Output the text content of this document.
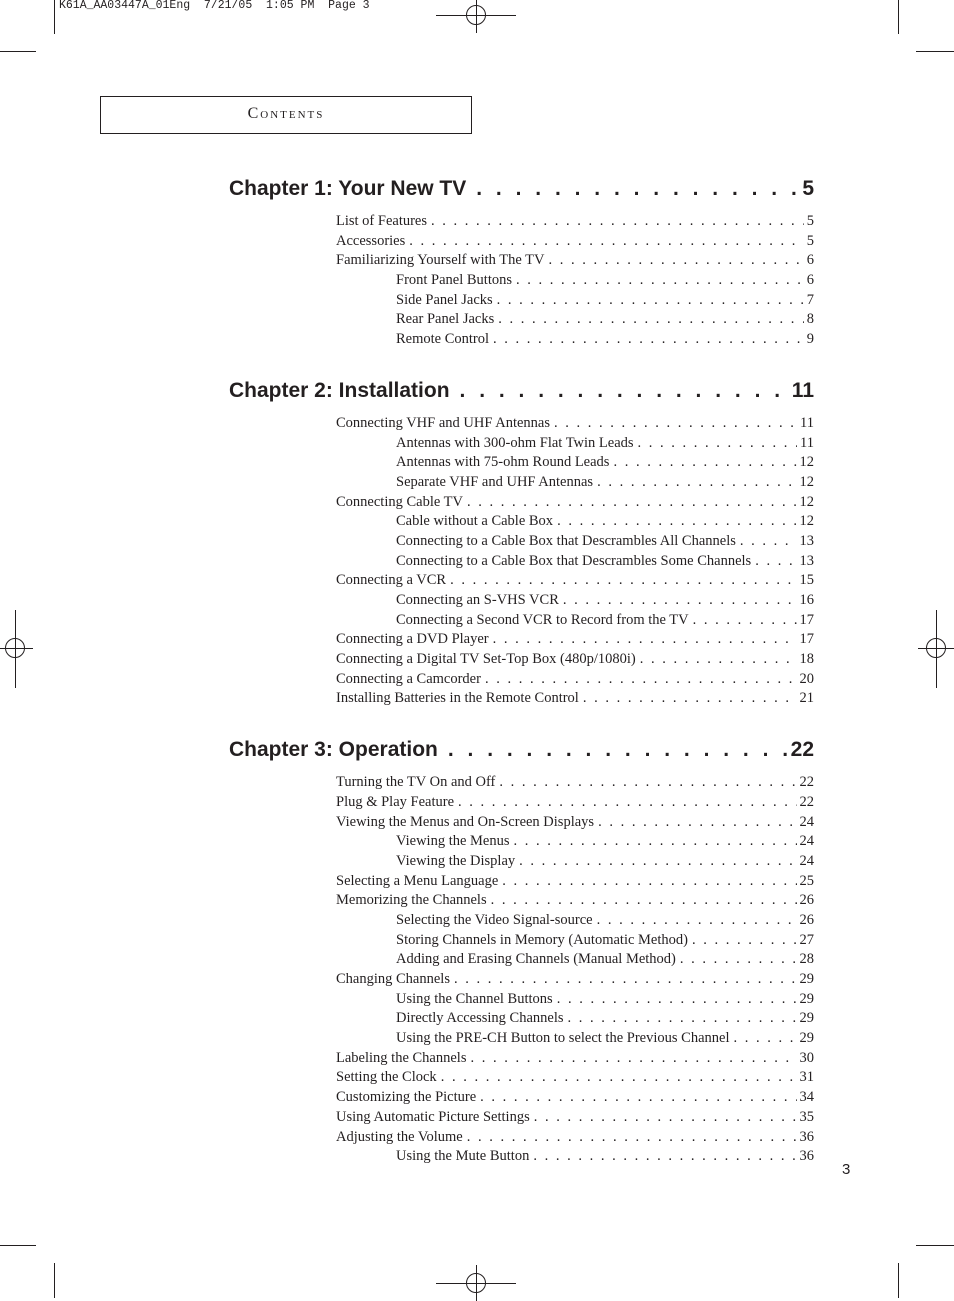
K61A_AA03447A_01Eng  7/21/05  1:05 PM  Page 3
Contents
Chapter 1: Your New TV . . .	5
List of Features . . .	5
Accessories . . .	5
Familiarizing Yourself with The TV . . .	6
Front Panel Buttons . . .	6
Side Panel Jacks . . .	7
Rear Panel Jacks . . .	8
Remote Control . . .	9
Chapter 2: Installation . . .	11
Connecting VHF and UHF Antennas . . .	11
Antennas with 300-ohm Flat Twin Leads . . .	11
Antennas with 75-ohm Round Leads . . .	12
Separate VHF and UHF Antennas . . .	12
Connecting Cable TV . . .	12
Cable without a Cable Box . . .	12
Connecting to a Cable Box that Descrambles All Channels . . .	13
Connecting to a Cable Box that Descrambles Some Channels . . .	13
Connecting a VCR . . .	15
Connecting an S-VHS VCR . . .	16
Connecting a Second VCR to Record from the TV . . .	17
Connecting a DVD Player . . .	17
Connecting a Digital TV Set-Top Box (480p/1080i) . . .	18
Connecting a Camcorder . . .	20
Installing Batteries in the Remote Control . . .	21
Chapter 3: Operation . . .	22
Turning the TV On and Off . . .	22
Plug & Play Feature . . .	22
Viewing the Menus and On-Screen Displays . . .	24
Viewing the Menus . . .	24
Viewing the Display . . .	24
Selecting a Menu Language . . .	25
Memorizing the Channels . . .	26
Selecting the Video Signal-source . . .	26
Storing Channels in Memory (Automatic Method) . . .	27
Adding and Erasing Channels (Manual Method) . . .	28
Changing Channels . . .	29
Using the Channel Buttons . . .	29
Directly Accessing Channels . . .	29
Using the PRE-CH Button to select the Previous Channel . . .	29
Labeling the Channels . . .	30
Setting the Clock . . .	31
Customizing the Picture . . .	34
Using Automatic Picture Settings . . .	35
Adjusting the Volume . . .	36
Using the Mute Button . . .	36
3
